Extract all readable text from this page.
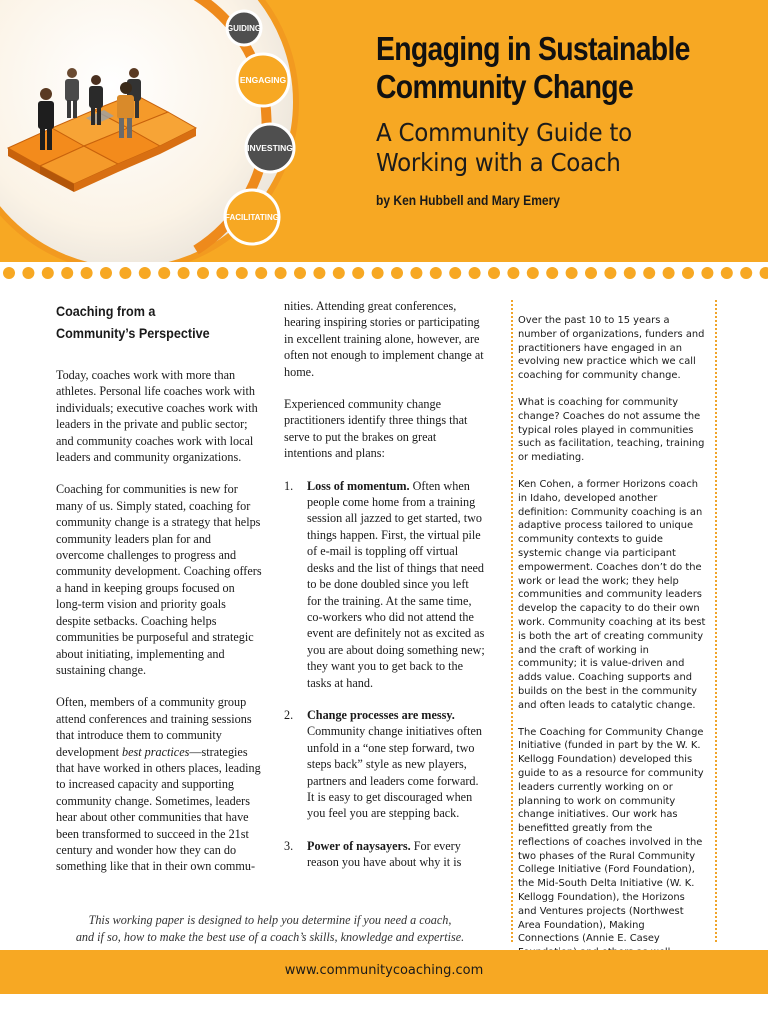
GUIDING
ENGAGING
INVESTING
FACILITATING
Engaging in Sustainable
Community Change
A Community Guide to
Working with a Coach
by Ken Hubbell and Mary Emery
Coaching from a
Community’s Perspective

Today, coaches work with more than athletes. Personal life coaches work with individuals; executive coaches work with leaders in the private and public sector; and community coaches work with local leaders and community organizations.

Coaching for communities is new for many of us. Simply stated, coaching for community change is a strategy that helps community leaders plan for and overcome challenges to progress and community development. Coaching offers a hand in keeping groups focused on long-term vision and priority goals despite setbacks. Coaching helps communities be purposeful and strategic about initiating, implementing and sustaining change.

Often, members of a community group attend conferences and training sessions that introduce them to community development best practices—strategies that have worked in others places, leading to increased capacity and supporting community change. Sometimes, leaders hear about other communities that have been transformed to succeed in the 21st century and wonder how they can do something like that in their own commu-

nities. Attending great conferences, hearing inspiring stories or participating in excellent training alone, however, are often not enough to implement change at home.

Experienced community change practitioners identify three things that serve to put the brakes on great intentions and plans:

1. Loss of momentum. Often when people come home from a training session all jazzed to get started, two things happen. First, the virtual pile of e-mail is toppling off virtual desks and the list of things that need to be done doubled since you left for the training. At the same time, co-workers who did not attend the event are definitely not as excited as you are about doing something new; they want you to get back to the tasks at hand.
2. Change processes are messy. Community change initiatives often unfold in a “one step forward, two steps back” style as new players, partners and leaders come forward. It is easy to get discouraged when you feel you are stepping back.
3. Power of naysayers. For every reason you have about why it is

Over the past 10 to 15 years a number of organizations, funders and practitioners have engaged in an evolving new practice which we call coaching for community change.

What is coaching for community change? Coaches do not assume the typical roles played in communities such as facilitation, teaching, training or mediating.

Ken Cohen, a former Horizons coach in Idaho, developed another definition: Community coaching is an adaptive process tailored to unique community contexts to guide systemic change via participant empowerment. Coaches don’t do the work or lead the work; they help communities and community leaders develop the capacity to do their own work. Community coaching at its best is both the art of creating community and the craft of working in community; it is value-driven and adds value. Coaching supports and builds on the best in the community and often leads to catalytic change.

The Coaching for Community Change Initiative (funded in part by the W. K. Kellogg Foundation) developed this guide to as a resource for community leaders currently working on or planning to work on community change initiatives. Our work has benefitted greatly from the reflections of coaches involved in the two phases of the Rural Community College Initiative (Ford Foundation), the Mid-South Delta Initiative (W. K. Kellogg Foundation), the Horizons and Ventures projects (Northwest Area Foundation), Making Connections (Annie E. Casey

This working paper is designed to help you determine if you need a coach,
and if so, how to make the best use of a coach’s skills, knowledge and expertise.
www.communitycoaching.com
